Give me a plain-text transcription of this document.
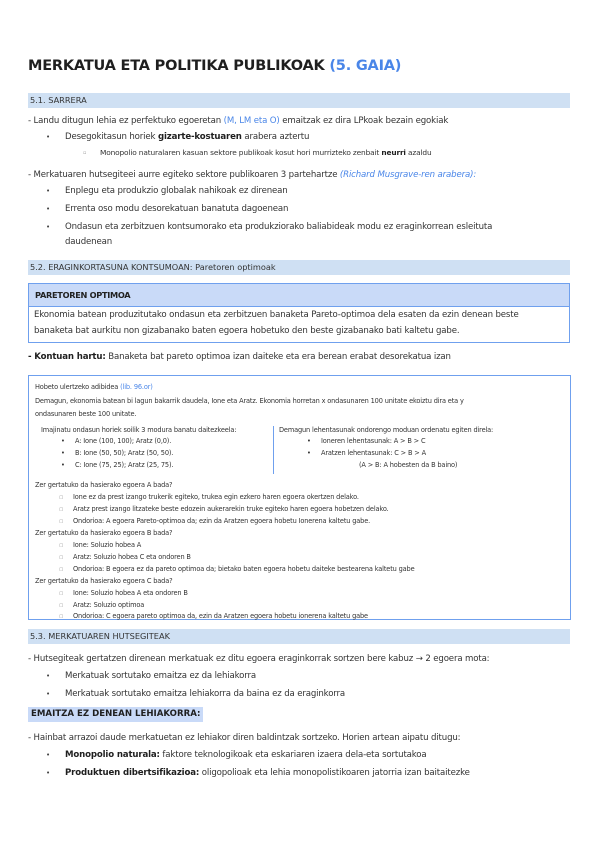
MERKATUA ETA POLITIKA PUBLIKOAK (5. GAIA)
5.1. SARRERA
- Landu ditugun lehia ez perfektuko egoeretan (M, LM eta O) emaitzak ez dira LPkoak bezain egokiak
• Desegokitasun horiek gizarte-kostuaren arabera aztertu
▫ Monopolio naturalaren kasuan sektore publikoak kosut hori murrizteko zenbait neurri azaldu
- Merkatuaren hutsegiteei aurre egiteko sektore publikoaren 3 partehartze (Richard Musgrave-ren arabera):
• Enplegu eta produkzio globalak nahikoak ez direnean
• Errenta oso modu desorekatuan banatuta dagoenean
• Ondasun eta zerbitzuen kontsumorako eta produkziorako baliabideak modu ez eraginkorrean esleituta
daudenean
5.2. ERAGINKORTASUNA KONTSUMOAN: Paretoren optimoak
PARETOREN OPTIMOA
Ekonomia batean produzitutako ondasun eta zerbitzuen banaketa Pareto-optimoa dela esaten da ezin denean beste
banaketa bat aurkitu non gizabanako baten egoera hobetuko den beste gizabanako bati kaltetu gabe.
- Kontuan hartu: Banaketa bat pareto optimoa izan daiteke eta era berean erabat desorekatua izan
Hobeto ulertzeko adibidea (lib. 96.or)
Demagun, ekonomia batean bi lagun bakarrik daudela, Ione eta Aratz. Ekonomia horretan x ondasunaren 100 unitate ekoiztu dira eta y
ondasunaren beste 100 unitate.
Imajinatu ondasun horiek soilik 3 modura banatu daitezkeela:
• A: Ione (100, 100); Aratz (0,0).
• B: Ione (50, 50); Aratz (50, 50).
• C: Ione (75, 25); Aratz (25, 75).
Demagun lehentasunak ondorengo moduan ordenatu egiten direla:
• Ioneren lehentasunak: A > B > C
• Aratzen lehentasunak: C > B > A
(A > B: A hobesten da B baino)
Zer gertatuko da hasierako egoera A bada?
▫ Ione ez da prest izango trukerik egiteko, trukea egin ezkero haren egoera okertzen delako.
▫ Aratz prest izango litzateke beste edozein aukerarekin truke egiteko haren egoera hobetzen delako.
▫ Ondorioa: A egoera Pareto-optimoa da; ezin da Aratzen egoera hobetu Ionerena kaltetu gabe.
Zer gertatuko da hasierako egoera B bada?
▫ Ione: Soluzio hobea A
▫ Aratz: Soluzio hobea C eta ondoren B
▫ Ondorioa: B egoera ez da pareto optimoa da; bietako baten egoera hobetu daiteke bestearena kaltetu gabe
Zer gertatuko da hasierako egoera C bada?
▫ Ione: Soluzio hobea A eta ondoren B
▫ Aratz: Soluzio optimoa
▫ Ondorioa: C egoera pareto optimoa da, ezin da Aratzen egoera hobetu ionerena kaltetu gabe
5.3. MERKATUAREN HUTSEGITEAK
- Hutsegiteak gertatzen direnean merkatuak ez ditu egoera eraginkorrak sortzen bere kabuz → 2 egoera mota:
• Merkatuak sortutako emaitza ez da lehiakorra
• Merkatuak sortutako emaitza lehiakorra da baina ez da eraginkorra
EMAITZA EZ DENEAN LEHIAKORRA:
- Hainbat arrazoi daude merkatuetan ez lehiakor diren baldintzak sortzeko. Horien artean aipatu ditugu:
• Monopolio naturala: faktore teknologikoak eta eskariaren izaera dela-eta sortutakoa
• Produktuen dibertsifikazioa: oligopolioak eta lehia monopolistikoaren jatorria izan baitaitezke
